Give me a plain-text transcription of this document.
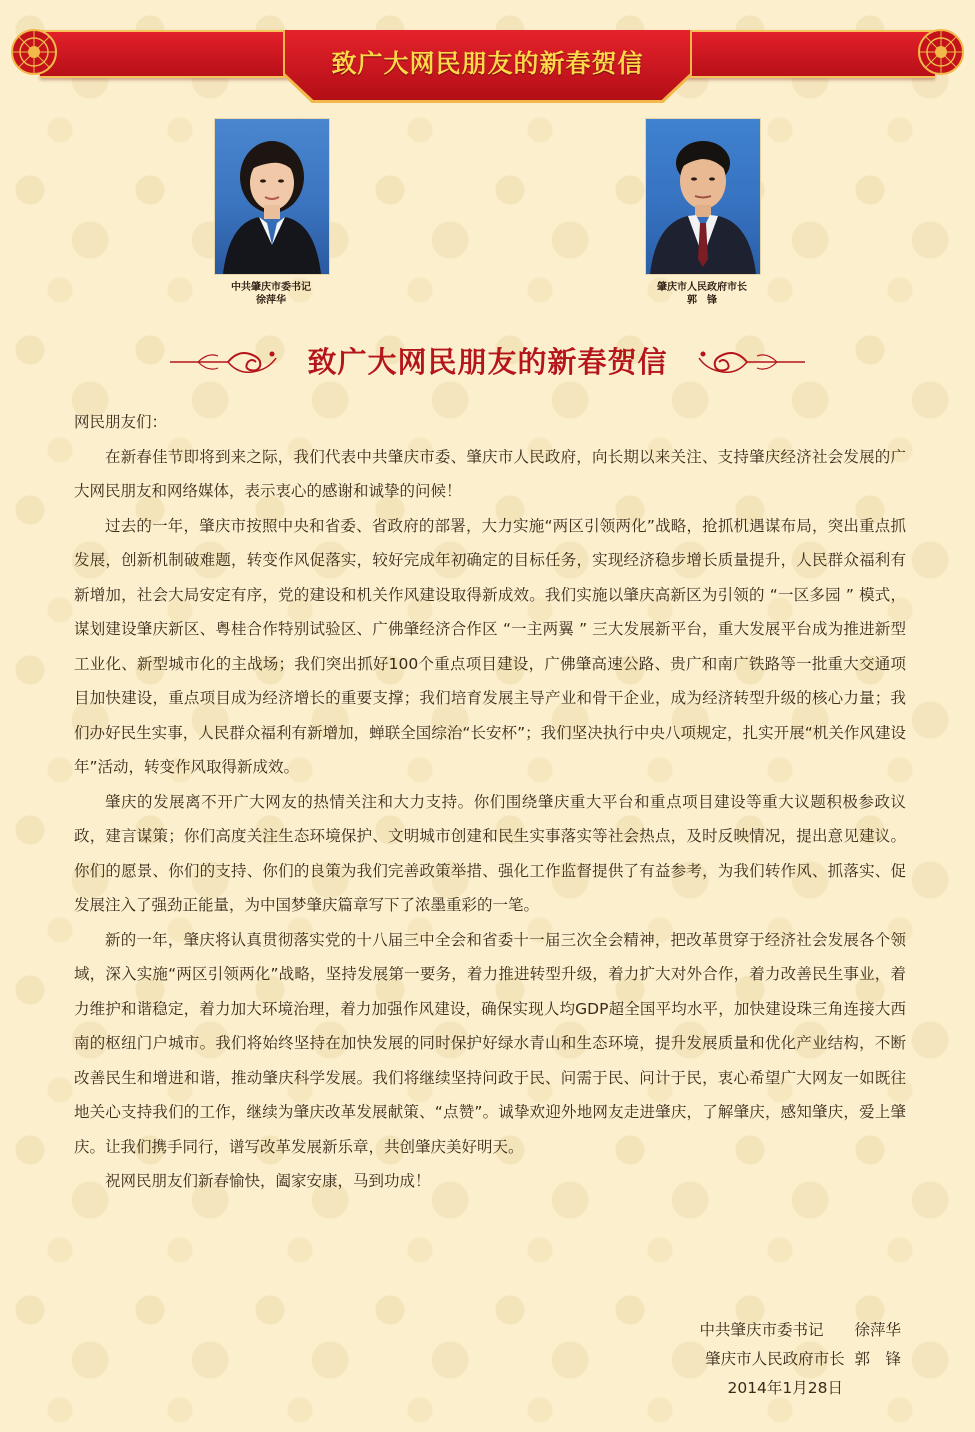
致广大网民朋友的新春贺信
中共肇庆市委书记
徐萍华
肇庆市人民政府市长
郭　锋
致广大网民朋友的新春贺信

网民朋友们：

在新春佳节即将到来之际，我们代表中共肇庆市委、肇庆市人民政府，向长期以来关注、支持肇庆经济社会发展的广大网民朋友和网络媒体，表示衷心的感谢和诚挚的问候！

过去的一年，肇庆市按照中央和省委、省政府的部署，大力实施“两区引领两化”战略，抢抓机遇谋布局，突出重点抓发展，创新机制破难题，转变作风促落实，较好完成年初确定的目标任务，实现经济稳步增长质量提升，人民群众福利有新增加，社会大局安定有序，党的建设和机关作风建设取得新成效。我们实施以肇庆高新区为引领的 “一区多园 ” 模式，谋划建设肇庆新区、粤桂合作特别试验区、广佛肇经济合作区 “一主两翼 ” 三大发展新平台，重大发展平台成为推进新型工业化、新型城市化的主战场；我们突出抓好100个重点项目建设，广佛肇高速公路、贵广和南广铁路等一批重大交通项目加快建设，重点项目成为经济增长的重要支撑；我们培育发展主导产业和骨干企业，成为经济转型升级的核心力量；我们办好民生实事，人民群众福利有新增加，蝉联全国综治“长安杯”；我们坚决执行中央八项规定，扎实开展“机关作风建设年”活动，转变作风取得新成效。

肇庆的发展离不开广大网友的热情关注和大力支持。你们围绕肇庆重大平台和重点项目建设等重大议题积极参政议政，建言谋策；你们高度关注生态环境保护、文明城市创建和民生实事落实等社会热点，及时反映情况，提出意见建议。你们的愿景、你们的支持、你们的良策为我们完善政策举措、强化工作监督提供了有益参考，为我们转作风、抓落实、促发展注入了强劲正能量，为中国梦肇庆篇章写下了浓墨重彩的一笔。

新的一年，肇庆将认真贯彻落实党的十八届三中全会和省委十一届三次全会精神，把改革贯穿于经济社会发展各个领域，深入实施“两区引领两化”战略，坚持发展第一要务，着力推进转型升级，着力扩大对外合作，着力改善民生事业，着力维护和谐稳定，着力加大环境治理，着力加强作风建设，确保实现人均GDP超全国平均水平，加快建设珠三角连接大西南的枢纽门户城市。我们将始终坚持在加快发展的同时保护好绿水青山和生态环境，提升发展质量和优化产业结构，不断改善民生和增进和谐，推动肇庆科学发展。我们将继续坚持问政于民、问需于民、问计于民，衷心希望广大网友一如既往地关心支持我们的工作，继续为肇庆改革发展献策、“点赞”。诚挚欢迎外地网友走进肇庆，了解肇庆，感知肇庆，爱上肇庆。让我们携手同行，谱写改革发展新乐章，共创肇庆美好明天。

祝网民朋友们新春愉快，阖家安康，马到功成！

中共肇庆市委书记　　徐萍华
肇庆市人民政府市长  郭　锋
2014年1月28日
